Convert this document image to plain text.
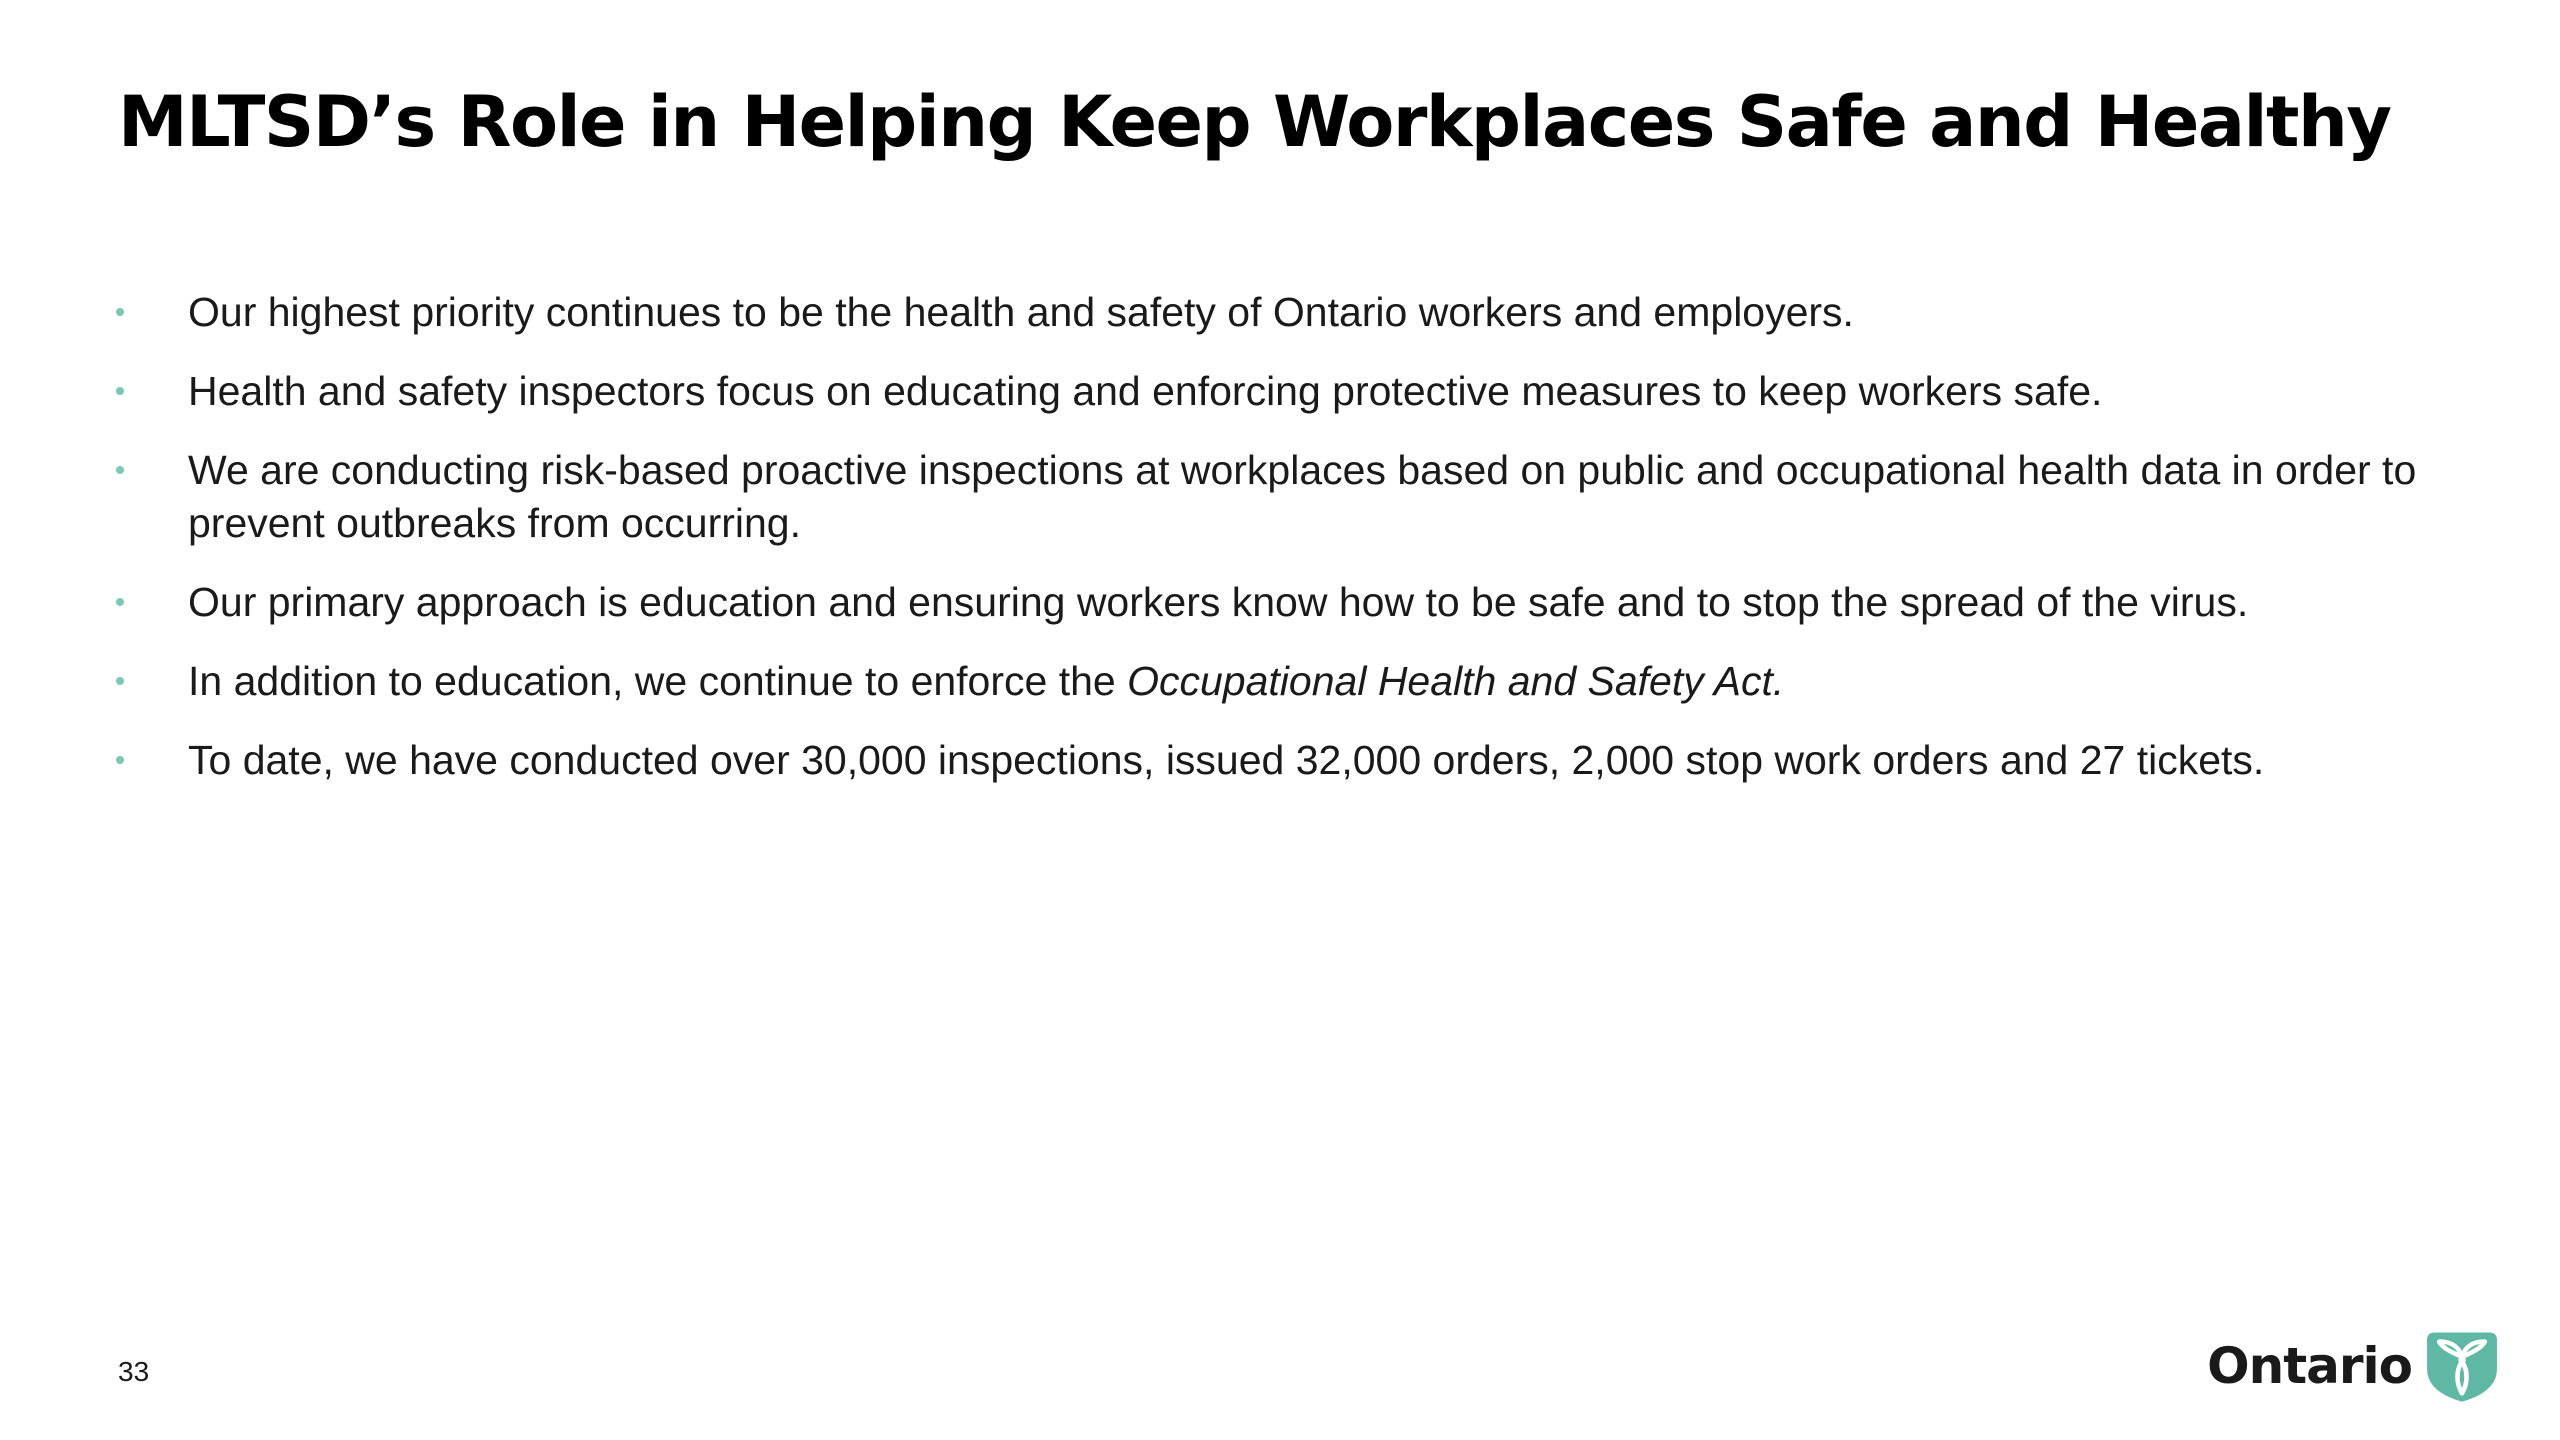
MLTSD’s Role in Helping Keep Workplaces Safe and Healthy
Our highest priority continues to be the health and safety of Ontario workers and employers.
Health and safety inspectors focus on educating and enforcing protective measures to keep workers safe.
We are conducting risk-based proactive inspections at workplaces based on public and occupational health data in order to prevent outbreaks from occurring.
Our primary approach is education and ensuring workers know how to be safe and to stop the spread of the virus.
In addition to education, we continue to enforce the Occupational Health and Safety Act.
To date, we have conducted over 30,000 inspections, issued 32,000 orders, 2,000 stop work orders and 27 tickets.
33	Ontario
